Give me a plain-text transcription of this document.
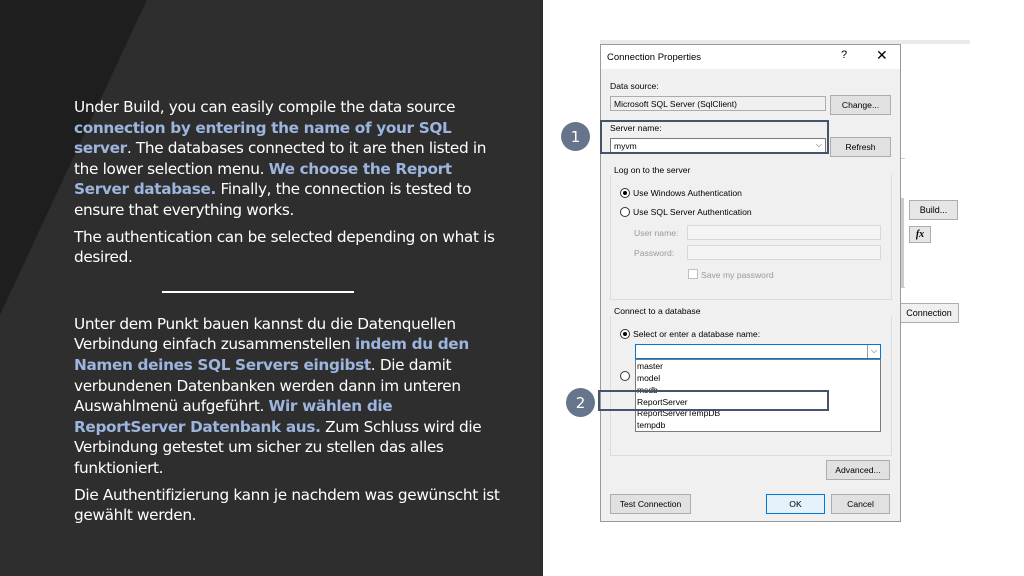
Under Build, you can easily compile the data source connection by entering the name of your SQL server. The databases connected to it are then listed in the lower selection menu. We choose the Report Server database. Finally, the connection is tested to ensure that everything works.

The authentication can be selected depending on what is desired.

Unter dem Punkt bauen kannst du die Datenquellen Verbindung einfach zusammenstellen indem du den Namen deines SQL Servers eingibst. Die damit verbundenen Datenbanken werden dann im unteren Auswahlmenü aufgeführt. Wir wählen die ReportServer Datenbank aus. Zum Schluss wird die Verbindung getestet um sicher zu stellen das alles funktioniert.

Die Authentifizierung kann je nachdem was gewünscht ist gewählt werden.

Build...
fx
Connection
Connection Properties	? ✕
Data source:
Microsoft SQL Server (SqlClient)	Change...
Server name:
myvm	⌵	Refresh
Log on to the server
Use Windows Authentication
Use SQL Server Authentication
User name:
Password:
Save my password
Connect to a database
Select or enter a database name:
⌵
master
model
msdb
ReportServer
ReportServerTempDB
tempdb
Advanced...
Test Connection	OK	Cancel
1
2
